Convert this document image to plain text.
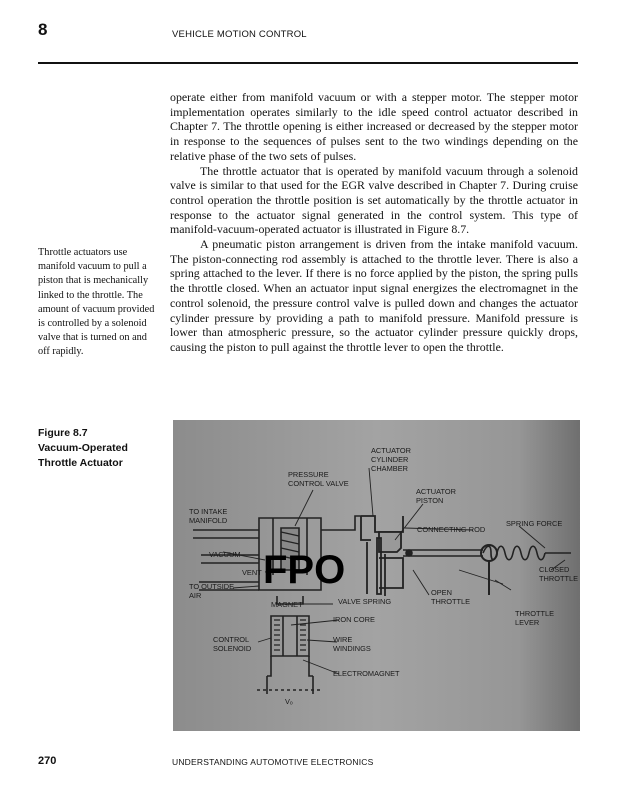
8	VEHICLE MOTION CONTROL

operate either from manifold vacuum or with a stepper motor. The stepper motor implementation operates similarly to the idle speed control actuator described in Chapter 7. The throttle opening is either increased or decreased by the stepper motor in response to the sequences of pulses sent to the two windings depending on the relative phase of the two sets of pulses.

The throttle actuator that is operated by manifold vacuum through a solenoid valve is similar to that used for the EGR valve described in Chapter 7. During cruise control operation the throttle position is set automatically by the throttle actuator in response to the actuator signal generated in the control system. This type of manifold-vacuum-operated actuator is illustrated in Figure 8.7.

A pneumatic piston arrangement is driven from the intake manifold vacuum. The piston-connecting rod assembly is attached to the throttle lever. There is also a spring attached to the lever. If there is no force applied by the piston, the spring pulls the throttle closed. When an actuator input signal energizes the electromagnet in the control solenoid, the pressure control valve is pulled down and changes the actuator cylinder pressure by providing a path to manifold pressure. Manifold pressure is lower than atmospheric pressure, so the actuator cylinder pressure quickly drops, causing the piston to pull against the throttle lever to open the throttle.

Throttle actuators use manifold vacuum to pull a piston that is mechanically linked to the throttle. The amount of vacuum provided is controlled by a solenoid valve that is turned on and off rapidly.
Figure 8.7
Vacuum-Operated
Throttle Actuator
ACTUATOR
CYLINDER
CHAMBER
PRESSURE
CONTROL VALVE
ACTUATOR
PISTON
TO INTAKE
MANIFOLD
CONNECTING ROD
SPRING FORCE
VACUUM
VENT	CLOSED
THROTTLE
TO OUTSIDE
AIR
MAGNET	VALVE SPRING
OPEN
THROTTLE
THROTTLE
LEVER
IRON CORE
CONTROL
SOLENOID
WIRE
WINDINGS
ELECTROMAGNET
Vₒ
FPO
270	UNDERSTANDING AUTOMOTIVE ELECTRONICS
